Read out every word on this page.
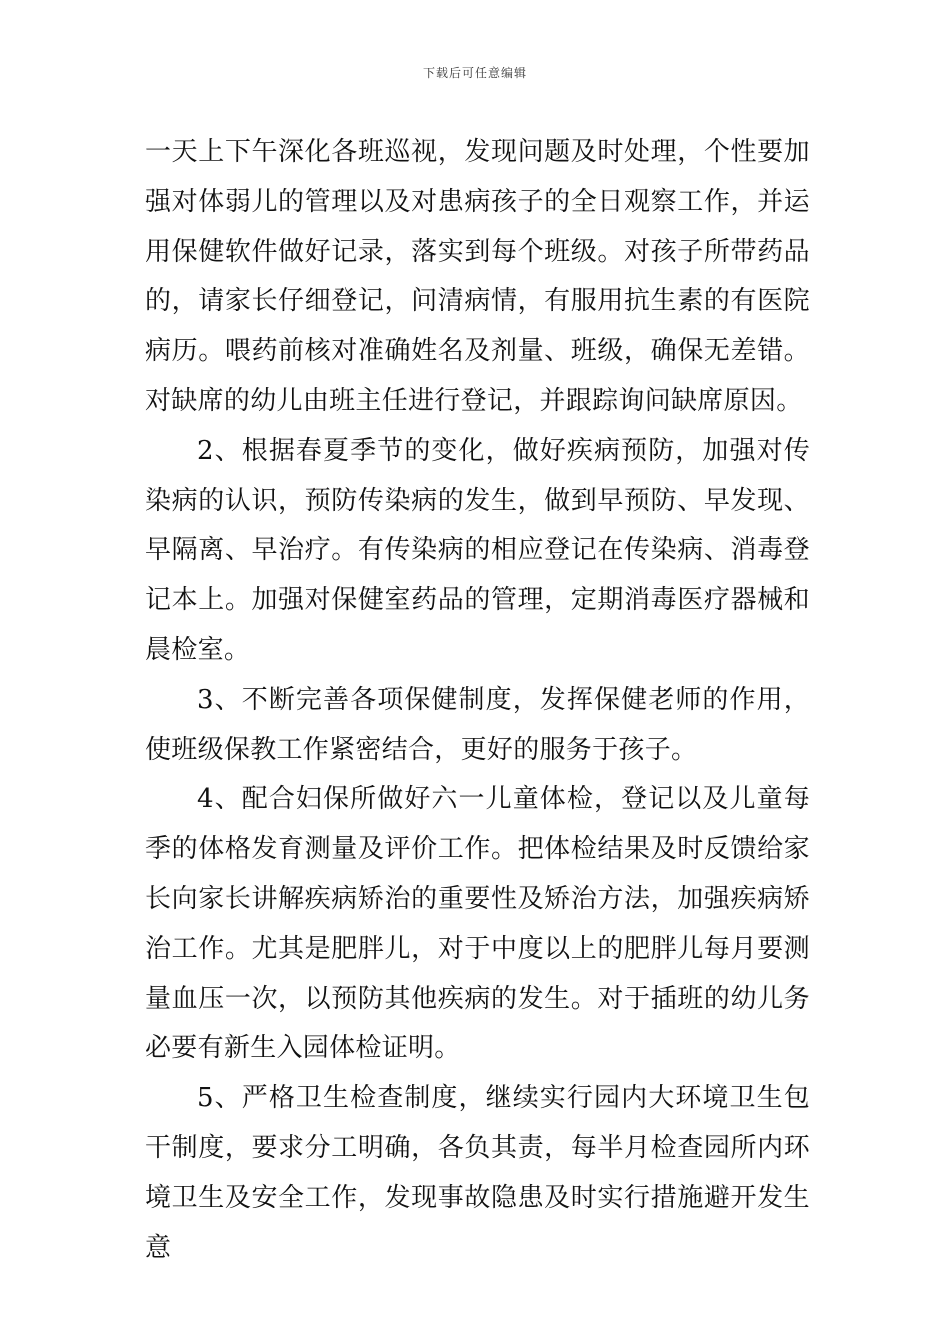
下载后可任意编辑

一天上下午深化各班巡视，发现问题及时处理，个性要加强对体弱儿的管理以及对患病孩子的全日观察工作，并运用保健软件做好记录，落实到每个班级。对孩子所带药品的，请家长仔细登记，问清病情，有服用抗生素的有医院病历。喂药前核对准确姓名及剂量、班级，确保无差错。对缺席的幼儿由班主任进行登记，并跟踪询问缺席原因。

2、根据春夏季节的变化，做好疾病预防，加强对传染病的认识，预防传染病的发生，做到早预防、早发现、早隔离、早治疗。有传染病的相应登记在传染病、消毒登记本上。加强对保健室药品的管理，定期消毒医疗器械和晨检室。

3、不断完善各项保健制度，发挥保健老师的作用，使班级保教工作紧密结合，更好的服务于孩子。

4、配合妇保所做好六一儿童体检，登记以及儿童每季的体格发育测量及评价工作。把体检结果及时反馈给家长向家长讲解疾病矫治的重要性及矫治方法，加强疾病矫治工作。尤其是肥胖儿，对于中度以上的肥胖儿每月要测量血压一次，以预防其他疾病的发生。对于插班的幼儿务必要有新生入园体检证明。

5、严格卫生检查制度，继续实行园内大环境卫生包干制度，要求分工明确，各负其责，每半月检查园所内环境卫生及安全工作，发现事故隐患及时实行措施避开发生意
